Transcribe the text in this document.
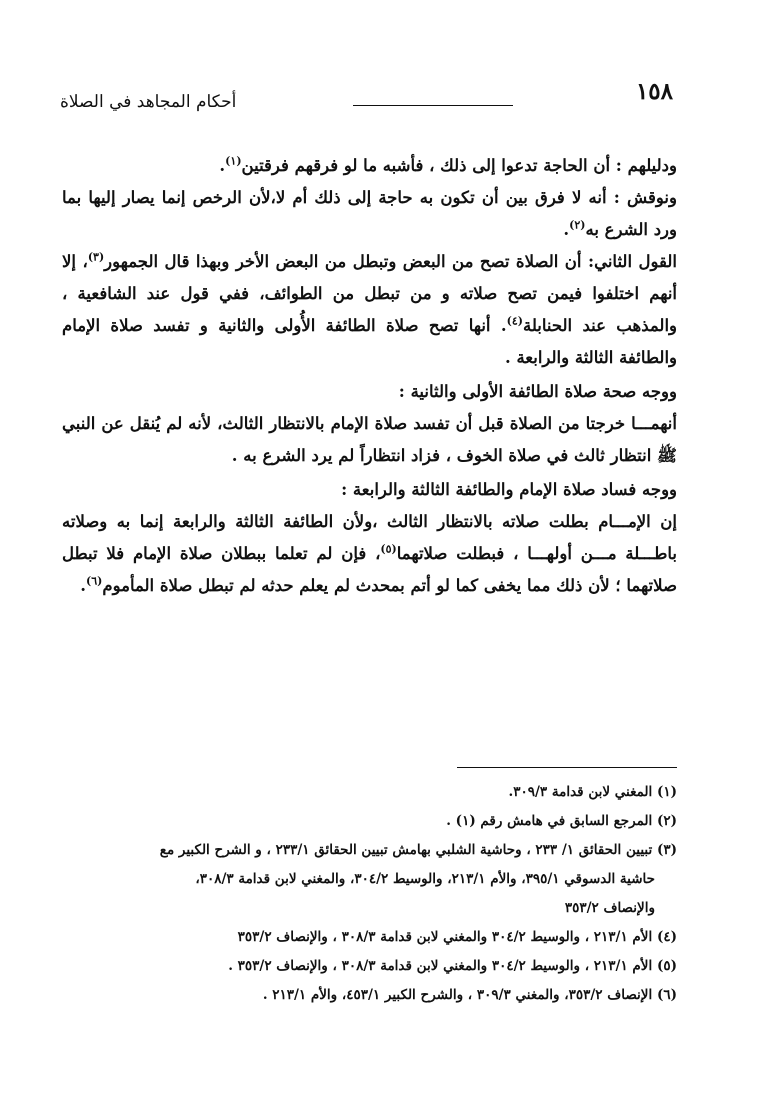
١٥٨
أحكام المجاهد في الصلاة

ودليلهم : أن الحاجة تدعوا إلى ذلك ، فأشبه ما لو فرقهم فرقتين$^{(١)}$.

ونوقش : أنه لا فرق بين أن تكون به حاجة إلى ذلك أم لا،لأن الرخص إنما يصار إليها بما ورد الشرع به$^{(٢)}$.

القول الثاني: أن الصلاة تصح من البعض وتبطل من البعض الأخر وبهذا قال الجمهور$^{(٣)}$، إلا أنهم اختلفوا فيمن تصح صلاته و من تبطل من الطوائف، ففي قول عند الشافعية ، والمذهب عند الحنابلة$^{(٤)}$. أنها تصح صلاة الطائفة الأُولى والثانية و تفسد صلاة الإمام والطائفة الثالثة والرابعة .

ووجه صحة صلاة الطائفة الأولى والثانية :

أنهمـــا خرجتا من الصلاة قبل أن تفسد صلاة الإمام بالانتظار الثالث، لأنه لم يُنقل عن النبي ﷺ انتظار ثالث في صلاة الخوف ، فزاد انتظاراً لم يرد الشرع به .

ووجه فساد صلاة الإمام والطائفة الثالثة والرابعة :

إن الإمـــام بطلت صلاته بالانتظار الثالث ،ولأن الطائفة الثالثة والرابعة إنما به وصلاته باطـــلة مـــن أولهـــا ، فبطلت صلاتهما$^{(٥)}$، فإن لم تعلما ببطلان صلاة الإمام فلا تبطل صلاتهما ؛ لأن ذلك مما يخفى كما لو أتم بمحدث لم يعلم حدثه لم تبطل صلاة المأموم$^{(٦)}$.

(١) المغني لابن قدامة ٣٠٩/٣.

(٢) المرجع السابق في هامش رقم (١) .

(٣) تبيين الحقائق ١/ ٢٣٣ ، وحاشية الشلبي بهامش تبيين الحقائق ٢٣٣/١ ، و الشرح الكبير مع

حاشية الدسوقي ٣٩٥/١، والأم ٢١٣/١، والوسيط ٣٠٤/٢، والمغني لابن قدامة ٣٠٨/٣،

والإنصاف ٣٥٣/٢

(٤) الأم ٢١٣/١ ، والوسيط ٣٠٤/٢ والمغني لابن قدامة ٣٠٨/٣ ، والإنصاف ٣٥٣/٢

(٥) الأم ٢١٣/١ ، والوسيط ٣٠٤/٢ والمغني لابن قدامة ٣٠٨/٣ ، والإنصاف ٣٥٣/٢ .

(٦) الإنصاف ٣٥٣/٢، والمغني ٣٠٩/٣ ، والشرح الكبير ٤٥٣/١، والأم ٢١٣/١ .
